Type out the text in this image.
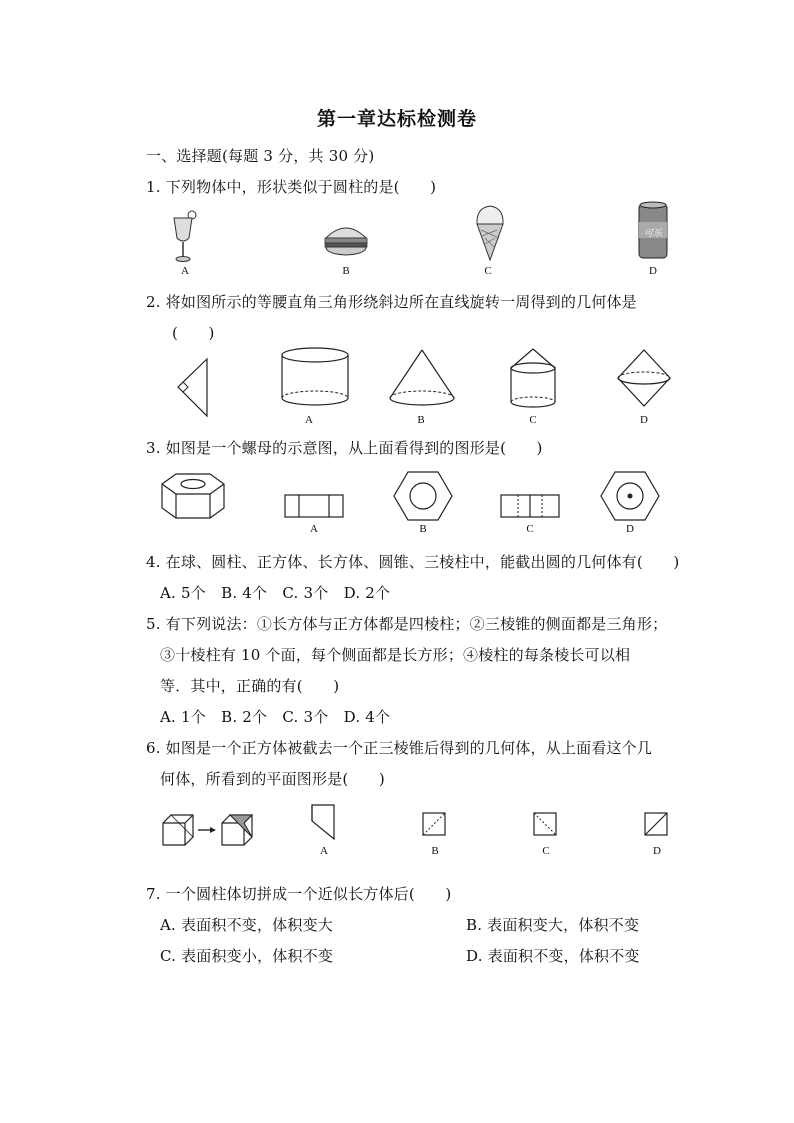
第一章达标检测卷
一、选择题(每题 3 分，共 30 分)
1. 下列物体中，形状类似于圆柱的是(　　)
A	B	C
可乐
D
2. 将如图所示的等腰直角三角形绕斜边所在直线旋转一周得到的几何体是
(　　)
A	B	C	D
3. 如图是一个螺母的示意图，从上面看得到的图形是(　　)
A	B	C	D
4. 在球、圆柱、正方体、长方体、圆锥、三棱柱中，能截出圆的几何体有(　　)
A. 5个　B. 4个　C. 3个　D. 2个
5. 有下列说法：①长方体与正方体都是四棱柱；②三棱锥的侧面都是三角形；
③十棱柱有 10 个面，每个侧面都是长方形；④棱柱的每条棱长可以相
等．其中，正确的有(　　)
A. 1个　B. 2个　C. 3个　D. 4个
6. 如图是一个正方体被截去一个正三棱锥后得到的几何体，从上面看这个几
何体，所看到的平面图形是(　　)
A	B	C	D
7. 一个圆柱体切拼成一个近似长方体后(　　)
A. 表面积不变，体积变大	B. 表面积变大，体积不变
C. 表面积变小，体积不变	D. 表面积不变，体积不变
